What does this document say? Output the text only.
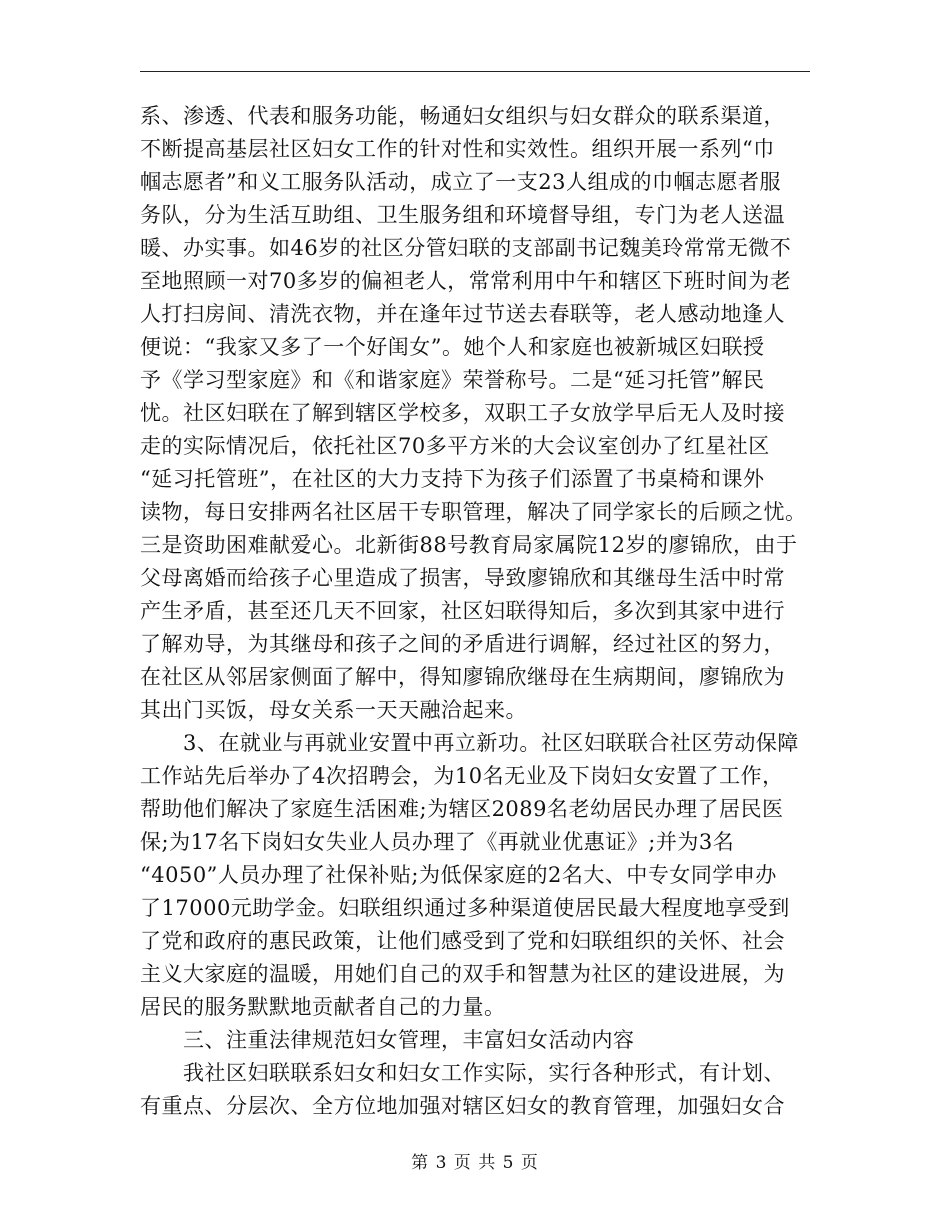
系、渗透、代表和服务功能，畅通妇女组织与妇女群众的联系渠道，
不断提高基层社区妇女工作的针对性和实效性。组织开展一系列“巾
帼志愿者”和义工服务队活动，成立了一支23人组成的巾帼志愿者服
务队，分为生活互助组、卫生服务组和环境督导组，专门为老人送温
暖、办实事。如46岁的社区分管妇联的支部副书记魏美玲常常无微不
至地照顾一对70多岁的偏袒老人，常常利用中午和辖区下班时间为老
人打扫房间、清洗衣物，并在逢年过节送去春联等，老人感动地逢人
便说：“我家又多了一个好闺女”。她个人和家庭也被新城区妇联授
予《学习型家庭》和《和谐家庭》荣誉称号。二是“延习托管”解民
忧。社区妇联在了解到辖区学校多，双职工子女放学早后无人及时接
走的实际情况后，依托社区70多平方米的大会议室创办了红星社区
“延习托管班”，在社区的大力支持下为孩子们添置了书桌椅和课外
读物，每日安排两名社区居干专职管理，解决了同学家长的后顾之忧。
三是资助困难献爱心。北新街88号教育局家属院12岁的廖锦欣，由于
父母离婚而给孩子心里造成了损害，导致廖锦欣和其继母生活中时常
产生矛盾，甚至还几天不回家，社区妇联得知后，多次到其家中进行
了解劝导，为其继母和孩子之间的矛盾进行调解，经过社区的努力，
在社区从邻居家侧面了解中，得知廖锦欣继母在生病期间，廖锦欣为
其出门买饭，母女关系一天天融洽起来。
　　3、在就业与再就业安置中再立新功。社区妇联联合社区劳动保障
工作站先后举办了4次招聘会，为10名无业及下岗妇女安置了工作，
帮助他们解决了家庭生活困难;为辖区2089名老幼居民办理了居民医
保;为17名下岗妇女失业人员办理了《再就业优惠证》;并为3名
“4050”人员办理了社保补贴;为低保家庭的2名大、中专女同学申办
了17000元助学金。妇联组织通过多种渠道使居民最大程度地享受到
了党和政府的惠民政策，让他们感受到了党和妇联组织的关怀、社会
主义大家庭的温暖，用她们自己的双手和智慧为社区的建设进展，为
居民的服务默默地贡献者自己的力量。
　　三、注重法律规范妇女管理，丰富妇女活动内容
　　我社区妇联联系妇女和妇女工作实际，实行各种形式，有计划、
有重点、分层次、全方位地加强对辖区妇女的教育管理，加强妇女合
第 3 页 共 5 页
